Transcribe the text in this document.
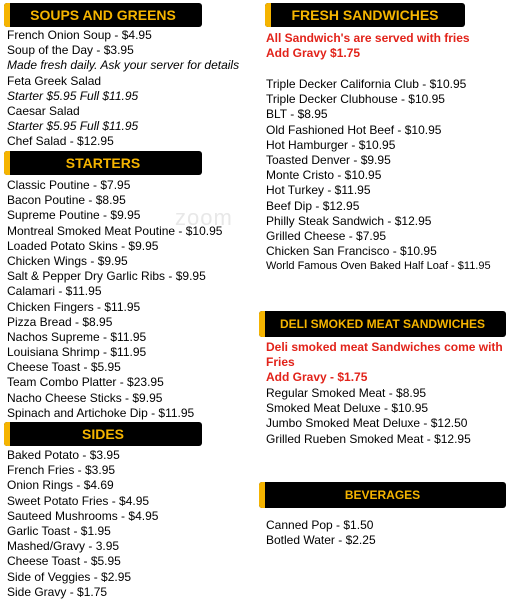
zoom
SOUPS AND GREENS
French Onion Soup - $4.95
Soup of the Day - $3.95
Made fresh daily. Ask your server for details
Feta Greek Salad
Starter $5.95 Full $11.95
Caesar Salad
Starter $5.95 Full $11.95
Chef Salad - $12.95
STARTERS
Classic Poutine - $7.95
Bacon Poutine - $8.95
Supreme Poutine - $9.95
Montreal Smoked Meat Poutine - $10.95
Loaded Potato Skins - $9.95
Chicken Wings - $9.95
Salt & Pepper Dry Garlic Ribs - $9.95
Calamari - $11.95
Chicken Fingers - $11.95
Pizza Bread - $8.95
Nachos Supreme - $11.95
Louisiana Shrimp - $11.95
Cheese Toast - $5.95
Team Combo Platter - $23.95
Nacho Cheese Sticks - $9.95
Spinach and Artichoke Dip - $11.95
SIDES
Baked Potato - $3.95
French Fries - $3.95
Onion Rings - $4.69
Sweet Potato Fries - $4.95
Sauteed Mushrooms - $4.95
Garlic Toast - $1.95
Mashed/Gravy - 3.95
Cheese Toast - $5.95
Side of Veggies - $2.95
Side Gravy - $1.75
FRESH SANDWICHES
All Sandwich's are served with fries
Add Gravy $1.75
Triple Decker California Club - $10.95
Triple Decker Clubhouse - $10.95
BLT - $8.95
Old Fashioned Hot Beef - $10.95
Hot Hamburger - $10.95
Toasted Denver - $9.95
Monte Cristo - $10.95
Hot Turkey - $11.95
Beef Dip - $12.95
Philly Steak Sandwich - $12.95
Grilled Cheese - $7.95
Chicken San Francisco - $10.95
World Famous Oven Baked Half Loaf - $11.95
DELI SMOKED MEAT SANDWICHES
Deli smoked meat Sandwiches come with Fries
Add Gravy - $1.75
Regular Smoked Meat - $8.95
Smoked Meat Deluxe - $10.95
Jumbo Smoked Meat Deluxe - $12.50
Grilled Rueben Smoked Meat - $12.95
BEVERAGES
Canned Pop - $1.50
Botled Water - $2.25
